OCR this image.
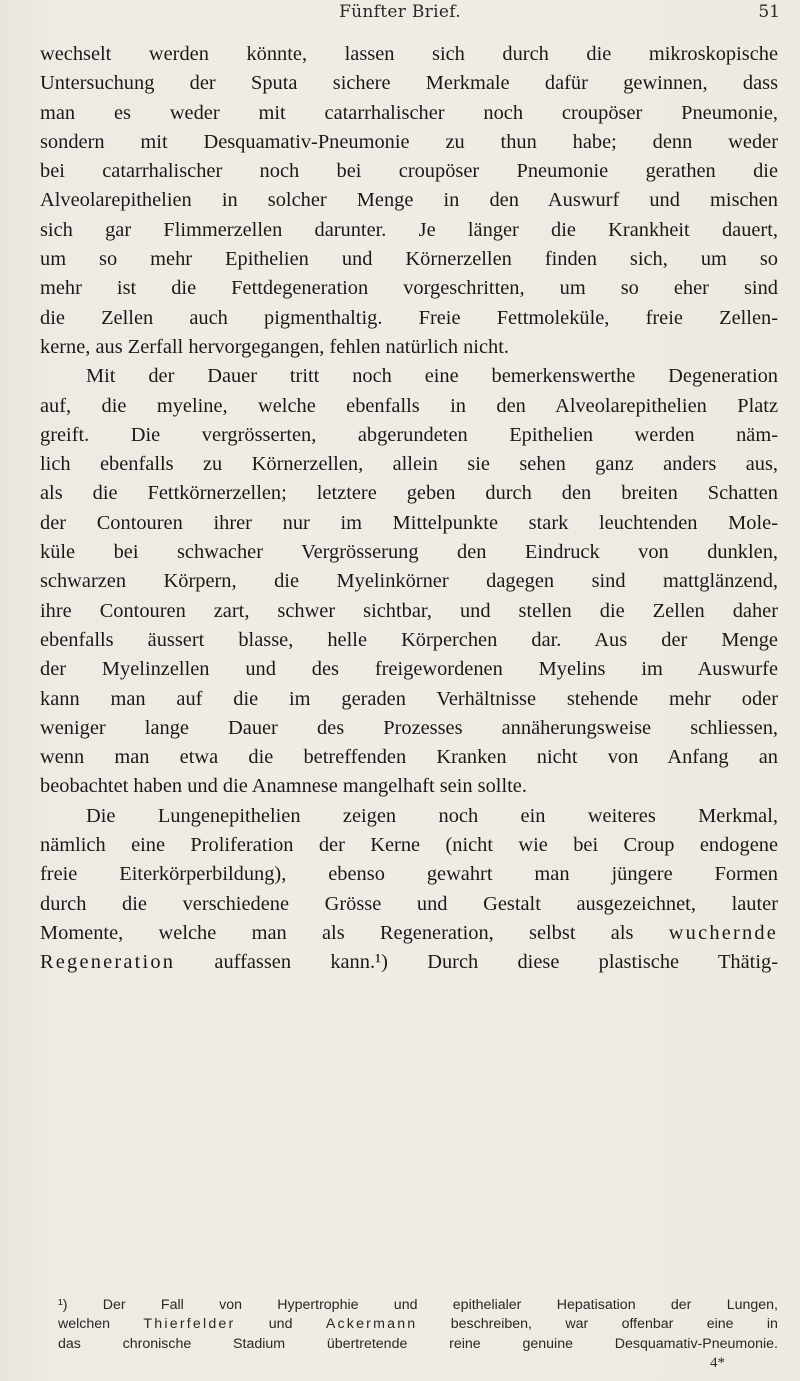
Fünfter Brief.	51
wechselt werden könnte, lassen sich durch die mikroskopische
Untersuchung der Sputa sichere Merkmale dafür gewinnen, dass
man es weder mit catarrhalischer noch croupöser Pneumonie,
sondern mit Desquamativ-Pneumonie zu thun habe; denn weder
bei catarrhalischer noch bei croupöser Pneumonie gerathen die
Alveolarepithelien in solcher Menge in den Auswurf und mischen
sich gar Flimmerzellen darunter. Je länger die Krankheit dauert,
um so mehr Epithelien und Körnerzellen finden sich, um so
mehr ist die Fettdegeneration vorgeschritten, um so eher sind
die Zellen auch pigmenthaltig. Freie Fettmoleküle, freie Zellen-
kerne, aus Zerfall hervorgegangen, fehlen natürlich nicht.
Mit der Dauer tritt noch eine bemerkenswerthe Degeneration
auf, die myeline, welche ebenfalls in den Alveolarepithelien Platz
greift. Die vergrösserten, abgerundeten Epithelien werden näm-
lich ebenfalls zu Körnerzellen, allein sie sehen ganz anders aus,
als die Fettkörnerzellen; letztere geben durch den breiten Schatten
der Contouren ihrer nur im Mittelpunkte stark leuchtenden Mole-
küle bei schwacher Vergrösserung den Eindruck von dunklen,
schwarzen Körpern, die Myelinkörner dagegen sind mattglänzend,
ihre Contouren zart, schwer sichtbar, und stellen die Zellen daher
ebenfalls äussert blasse, helle Körperchen dar. Aus der Menge
der Myelinzellen und des freigewordenen Myelins im Auswurfe
kann man auf die im geraden Verhältnisse stehende mehr oder
weniger lange Dauer des Prozesses annäherungsweise schliessen,
wenn man etwa die betreffenden Kranken nicht von Anfang an
beobachtet haben und die Anamnese mangelhaft sein sollte.
Die Lungenepithelien zeigen noch ein weiteres Merkmal,
nämlich eine Proliferation der Kerne (nicht wie bei Croup endogene
freie Eiterkörperbildung), ebenso gewahrt man jüngere Formen
durch die verschiedene Grösse und Gestalt ausgezeichnet, lauter
Momente, welche man als Regeneration, selbst als wuchernde
Regeneration auffassen kann.¹) Durch diese plastische Thätig-
¹) Der Fall von Hypertrophie und epithelialer Hepatisation der Lungen,
welchen Thierfelder und Ackermann beschreiben, war offenbar eine in
das chronische Stadium übertretende reine genuine Desquamativ-Pneumonie.
4*
